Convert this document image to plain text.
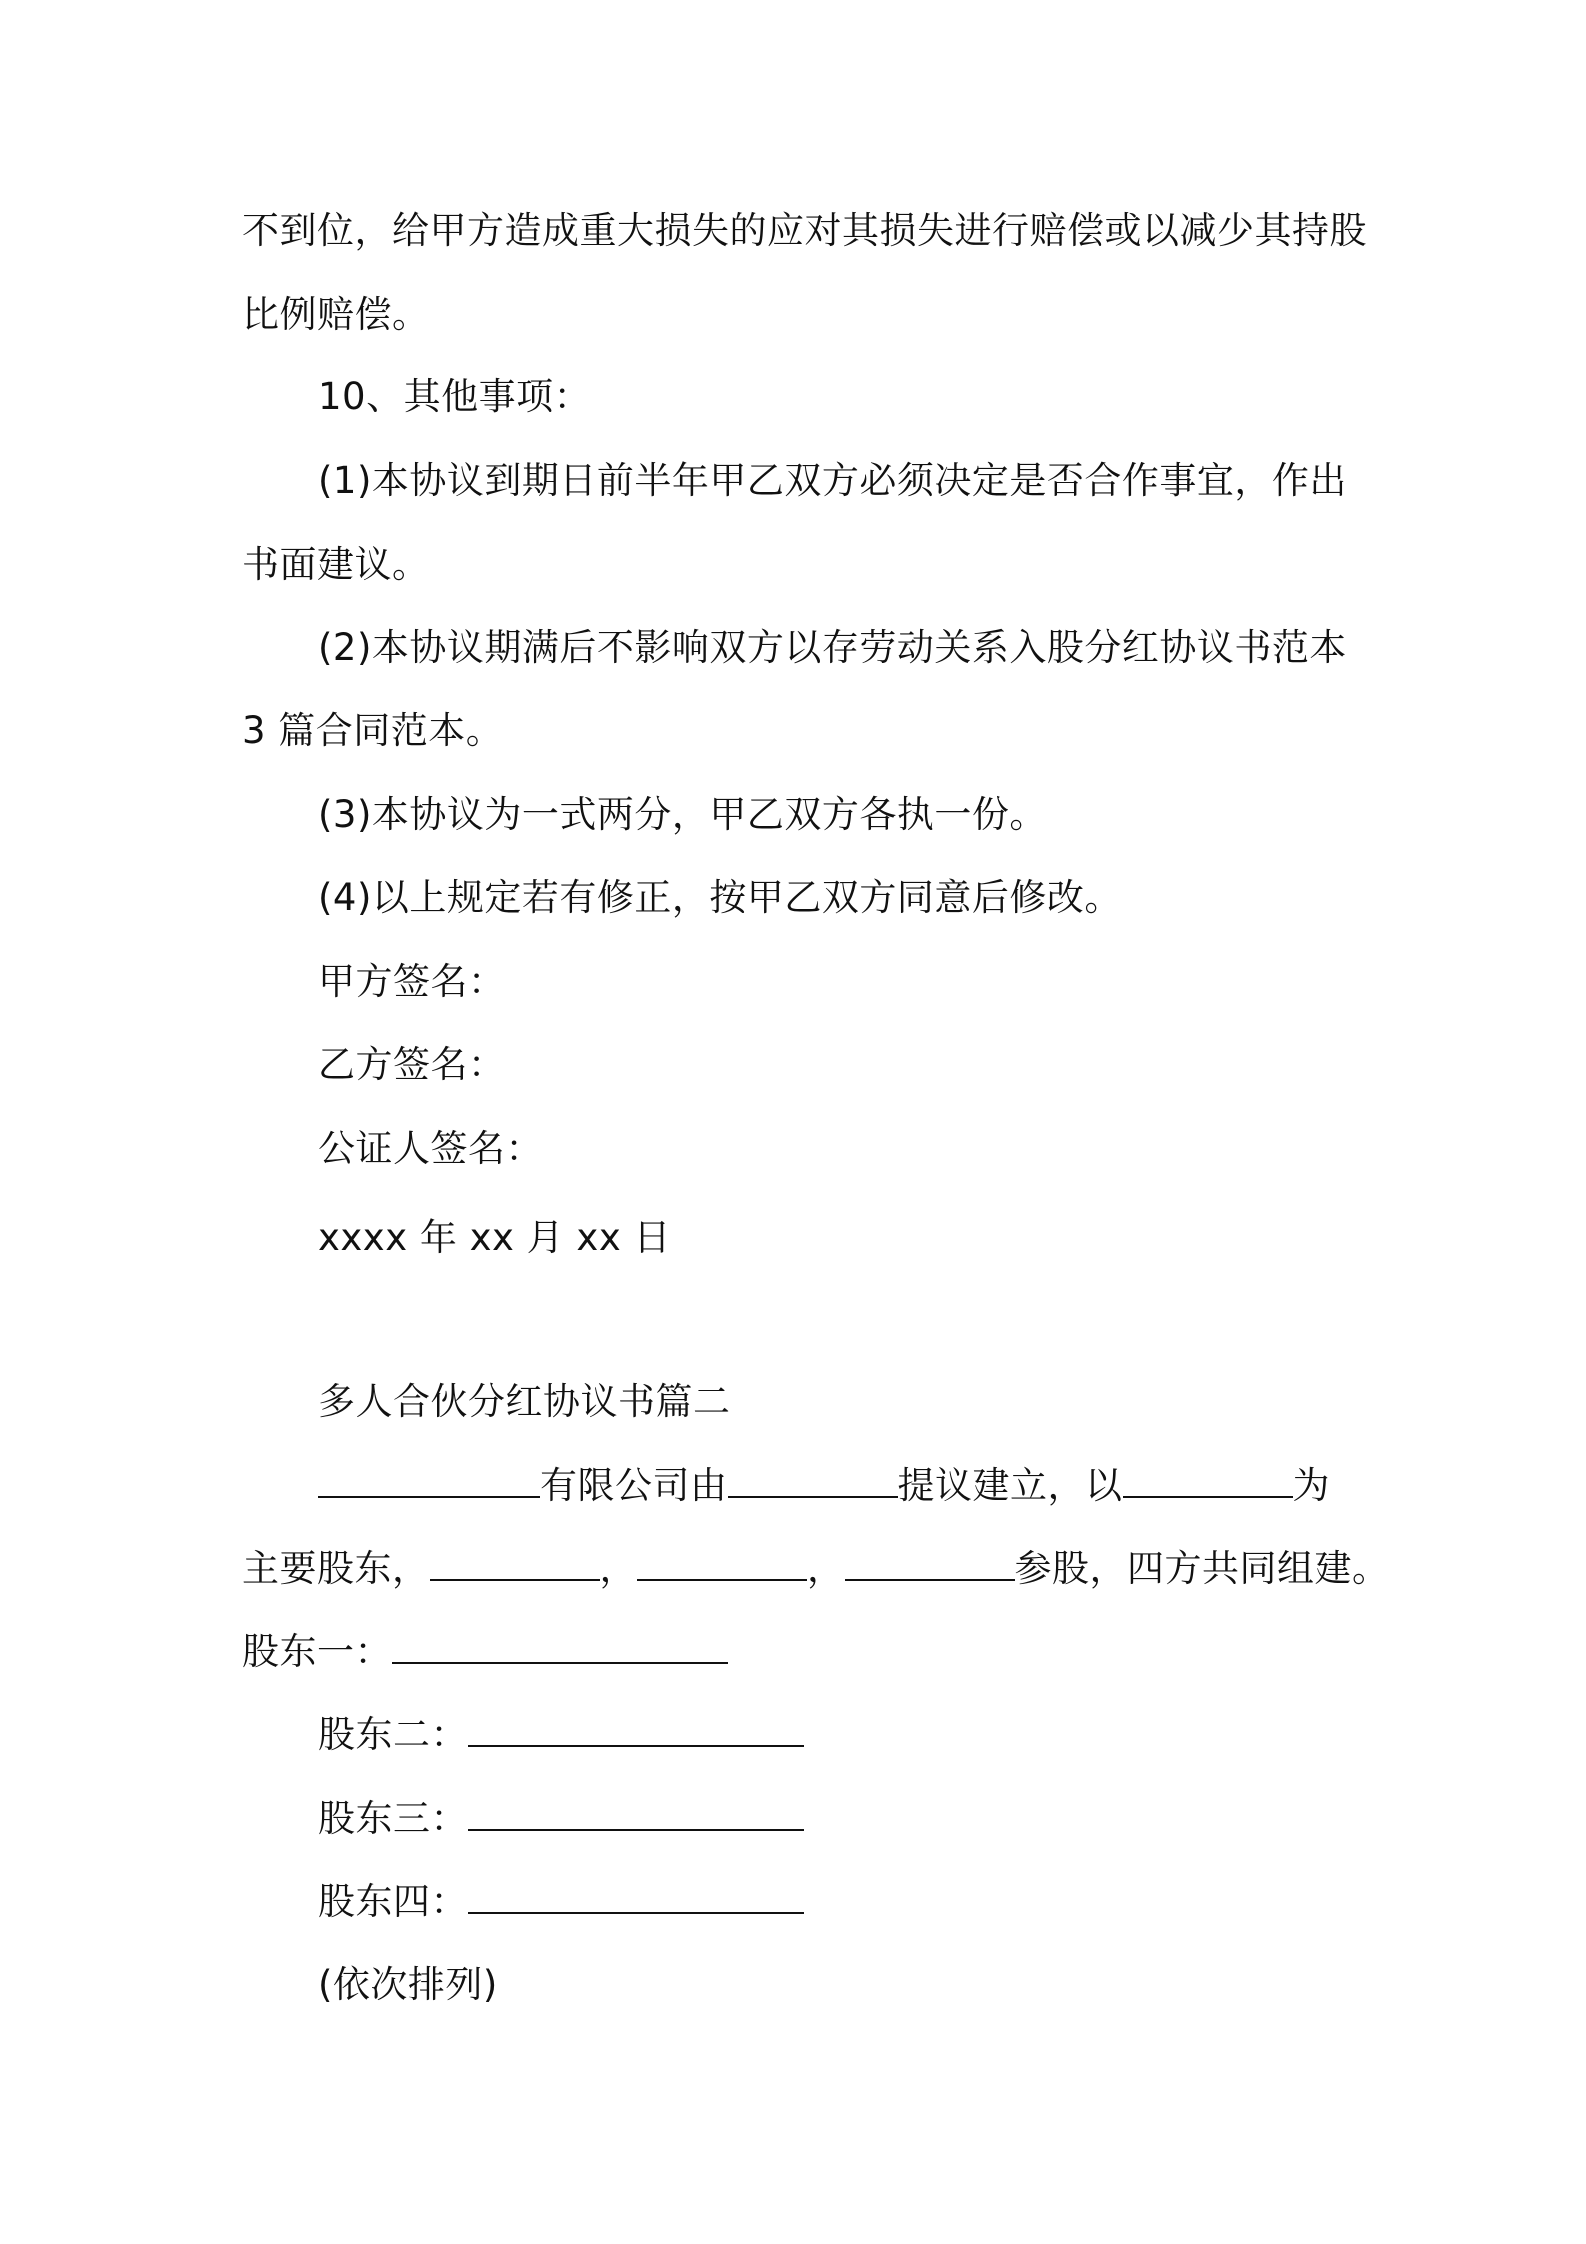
不到位，给甲方造成重大损失的应对其损失进行赔偿或以减少其持股
比例赔偿。
10、其他事项：
(1)本协议到期日前半年甲乙双方必须决定是否合作事宜，作出
书面建议。
(2)本协议期满后不影响双方以存劳动关系入股分红协议书范本
3 篇合同范本。
(3)本协议为一式两分，甲乙双方各执一份。
(4)以上规定若有修正，按甲乙双方同意后修改。
甲方签名：
乙方签名：
公证人签名：
xxxx 年 xx 月 xx 日
多人合伙分红协议书篇二
有限公司由	提议建立，以	为
主要股东，	，	，	参股，四方共同组建。
股东一：
股东二：
股东三：
股东四：
(依次排列)
